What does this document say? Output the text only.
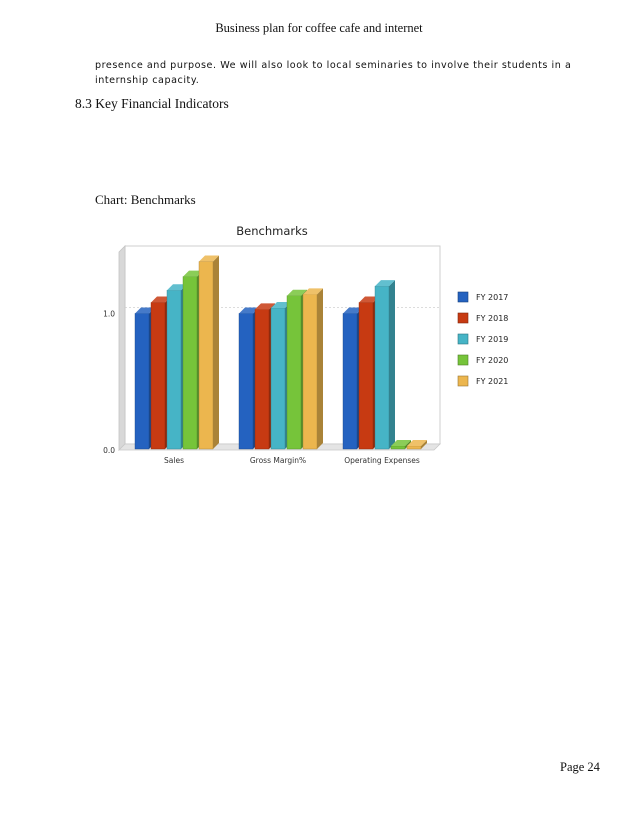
Business plan for coffee cafe and internet
presence and purpose. We will also look to local seminaries to involve their students in a
internship capacity.
8.3 Key Financial Indicators
Chart: Benchmarks
Benchmarks
0.0
1.0
Sales	Gross Margin%	Operating Expenses
FY 2017
FY 2018
FY 2019
FY 2020
FY 2021
Page 24
